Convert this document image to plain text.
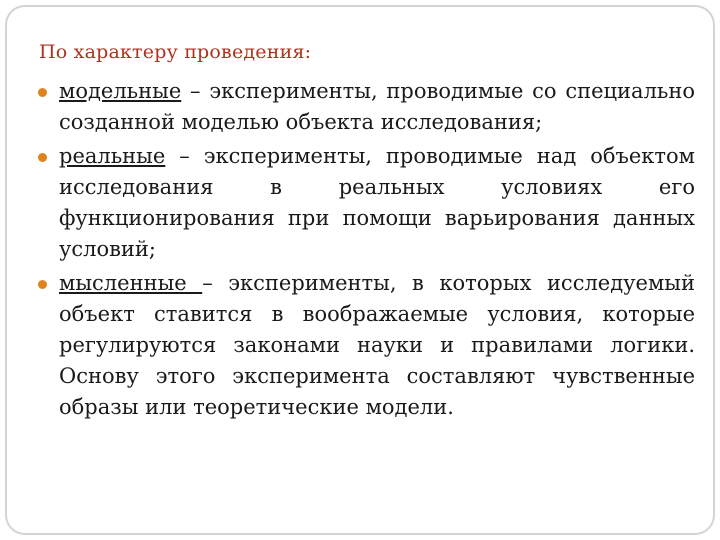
По характеру проведения:
модельные – эксперименты, проводимые со специально созданной моделью объекта исследования;
реальные – эксперименты, проводимые над объектом исследования в реальных условиях его функционирования при помощи варьирования данных условий;
мысленные – эксперименты, в которых исследуемый объект ставится в воображаемые условия, которые регулируются законами науки и правилами логики. Основу этого эксперимента составляют чувственные образы или теоретические модели.
